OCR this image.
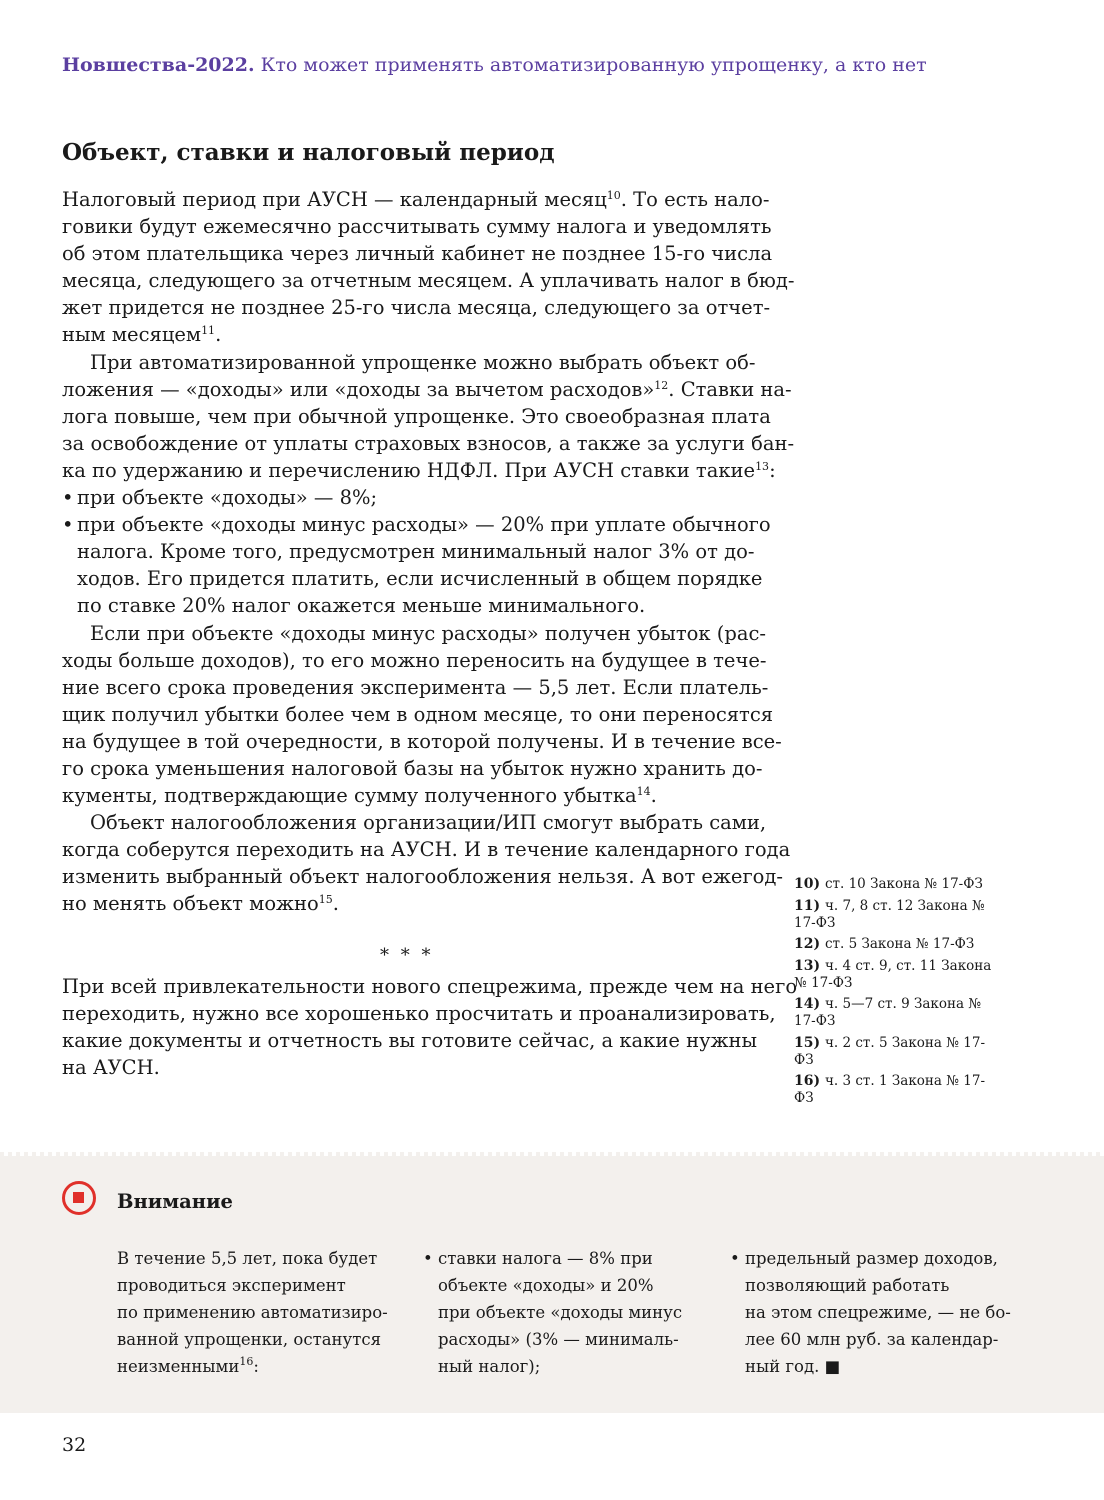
Новшества-2022. Кто может применять автоматизированную упрощенку, а кто нет
Объект, ставки и налоговый период
Налоговый период при АУСН — календарный месяц$^{10}$. То есть нало-
говики будут ежемесячно рассчитывать сумму налога и уведомлять
об этом плательщика через личный кабинет не позднее 15-го числа
месяца, следующего за отчетным месяцем. А уплачивать налог в бюд-
жет придется не позднее 25-го числа месяца, следующего за отчет-
ным месяцем$^{11}$.
При автоматизированной упрощенке можно выбрать объект об-
ложения — «доходы» или «доходы за вычетом расходов»$^{12}$. Ставки на-
лога повыше, чем при обычной упрощенке. Это своеобразная плата
за освобождение от уплаты страховых взносов, а также за услуги бан-
ка по удержанию и перечислению НДФЛ. При АУСН ставки такие$^{13}$:
• при объекте «доходы» — 8%;
• при объекте «доходы минус расходы» — 20% при уплате обычного
налога. Кроме того, предусмотрен минимальный налог 3% от до-
ходов. Его придется платить, если исчисленный в общем порядке
по ставке 20% налог окажется меньше минимального.
Если при объекте «доходы минус расходы» получен убыток (рас-
ходы больше доходов), то его можно переносить на будущее в тече-
ние всего срока проведения эксперимента — 5,5 лет. Если платель-
щик получил убытки более чем в одном месяце, то они переносятся
на будущее в той очередности, в которой получены. И в течение все-
го срока уменьшения налоговой базы на убыток нужно хранить до-
кументы, подтверждающие сумму полученного убытка$^{14}$.
Объект налогообложения организации/ИП смогут выбрать сами,
когда соберутся переходить на АУСН. И в течение календарного года
изменить выбранный объект налогообложения нельзя. А вот ежегод-
но менять объект можно$^{15}$.
* * *
При всей привлекательности нового спецрежима, прежде чем на него
переходить, нужно все хорошенько просчитать и проанализировать,
какие документы и отчетность вы готовите сейчас, а какие нужны
на АУСН.
10) ст. 10 Закона № 17-ФЗ
11) ч. 7, 8 ст. 12 Закона № 17-ФЗ
12) ст. 5 Закона № 17-ФЗ
13) ч. 4 ст. 9, ст. 11 Закона № 17-ФЗ
14) ч. 5—7 ст. 9 Закона № 17-ФЗ
15) ч. 2 ст. 5 Закона № 17-ФЗ
16) ч. 3 ст. 1 Закона № 17-ФЗ
Внимание
В течение 5,5 лет, пока будет
проводиться эксперимент
по применению автоматизиро-
ванной упрощенки, останутся
неизменными$^{16}$:
• ставки налога — 8% при
объекте «доходы» и 20%
при объекте «доходы минус
расходы» (3% — минималь-
ный налог);
• предельный размер доходов,
позволяющий работать
на этом спецрежиме, — не бо-
лее 60 млн руб. за календар-
ный год. ■
32
